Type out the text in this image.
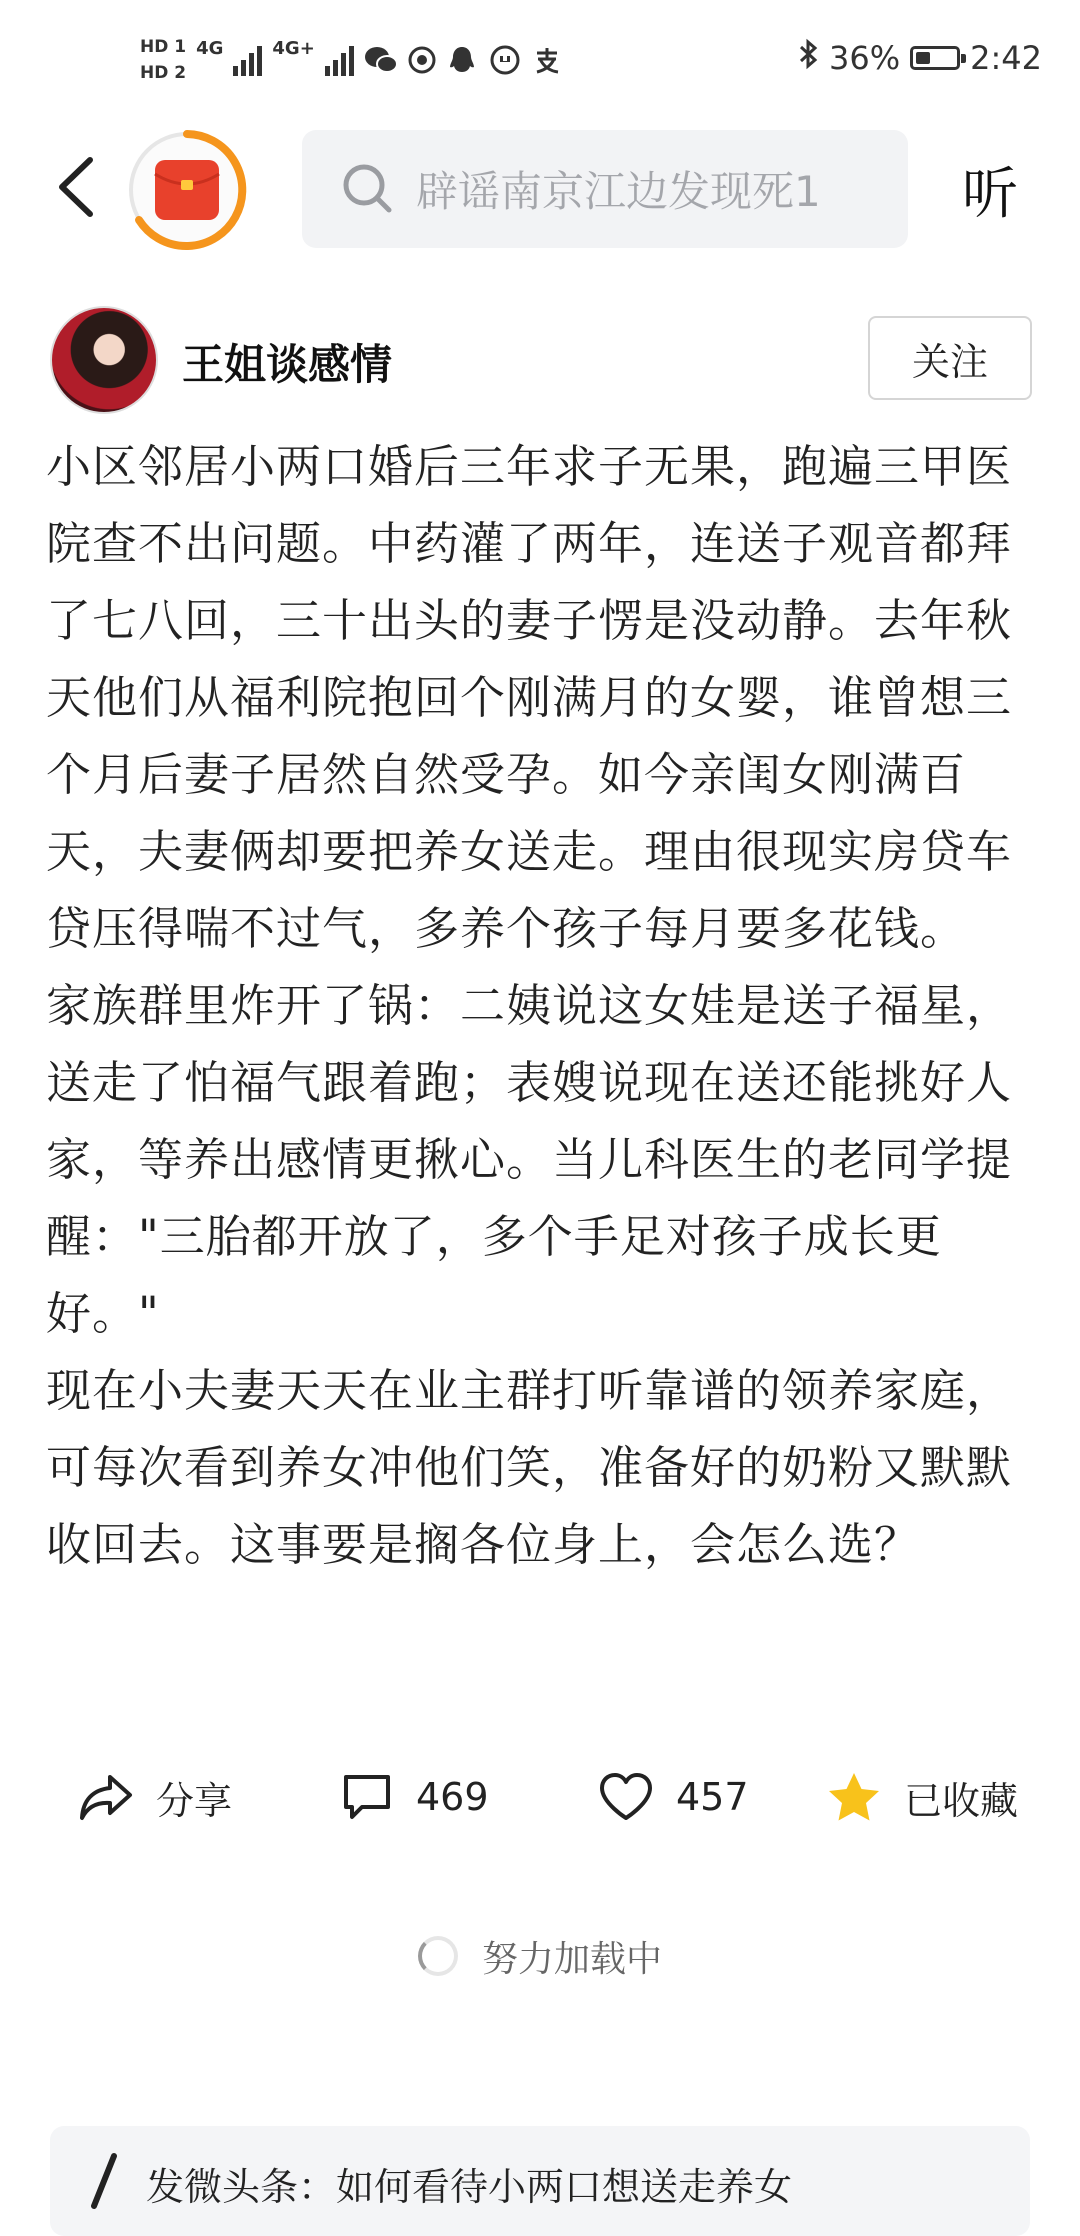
HD 1
HD 2
4G	4G+	36% 2:42
辟谣南京江边发现死1	听
王姐谈感情	关注

小区邻居小两口婚后三年求子无果，跑遍三甲医院查不出问题。中药灌了两年，连送子观音都拜了七八回，三十出头的妻子愣是没动静。去年秋天他们从福利院抱回个刚满月的女婴，谁曾想三个月后妻子居然自然受孕。如今亲闺女刚满百天，夫妻俩却要把养女送走。理由很现实房贷车贷压得喘不过气，多养个孩子每月要多花钱。

家族群里炸开了锅：二姨说这女娃是送子福星，送走了怕福气跟着跑；表嫂说现在送还能挑好人家，等养出感情更揪心。当儿科医生的老同学提醒："三胎都开放了，多个手足对孩子成长更好。"

现在小夫妻天天在业主群打听靠谱的领养家庭，可每次看到养女冲他们笑，准备好的奶粉又默默收回去。这事要是搁各位身上，会怎么选？

分享	469	457	已收藏
努力加载中
发微头条：如何看待小两口想送走养女
